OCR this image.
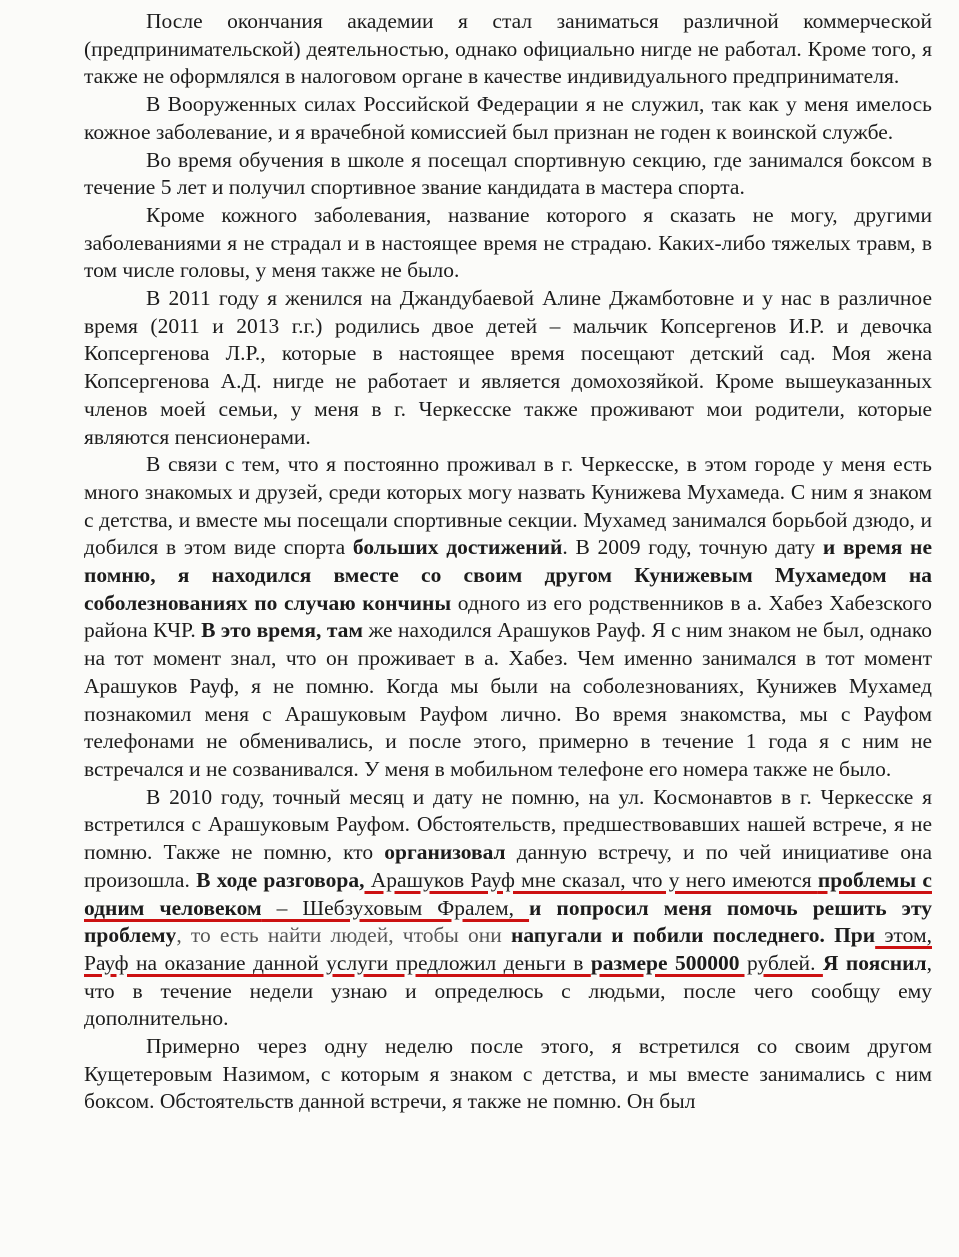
После окончания академии я стал заниматься различной коммерческой (предпринимательской) деятельностью, однако официально нигде не работал. Кроме того, я также не оформлялся в налоговом органе в качестве индивидуального предпринимателя.

В Вооруженных силах Российской Федерации я не служил, так как у меня имелось кожное заболевание, и я врачебной комиссией был признан не годен к воинской службе.

Во время обучения в школе я посещал спортивную секцию, где занимался боксом в течение 5 лет и получил спортивное звание кандидата в мастера спорта.

Кроме кожного заболевания, название которого я сказать не могу, другими заболеваниями я не страдал и в настоящее время не страдаю. Каких-либо тяжелых травм, в том числе головы, у меня также не было.

В 2011 году я женился на Джандубаевой Алине Джамботовне и у нас в различное время (2011 и 2013 г.г.) родились двое детей – мальчик Копсергенов И.Р. и девочка Копсергенова Л.Р., которые в настоящее время посещают детский сад. Моя жена Копсергенова А.Д. нигде не работает и является домохозяйкой. Кроме вышеуказанных членов моей семьи, у меня в г. Черкесске также проживают мои родители, которые являются пенсионерами.

В связи с тем, что я постоянно проживал в г. Черкесске, в этом городе у меня есть много знакомых и друзей, среди которых могу назвать Кунижева Мухамеда. С ним я знаком с детства, и вместе мы посещали спортивные секции. Мухамед занимался борьбой дзюдо, и добился в этом виде спорта больших достижений. В 2009 году, точную дату и время не помню, я находился вместе со своим другом Кунижевым Мухамедом на соболезнованиях по случаю кончины одного из его родственников в а. Хабез Хабезского района КЧР. В это время, там же находился Арашуков Рауф. Я с ним знаком не был, однако на тот момент знал, что он проживает в а. Хабез. Чем именно занимался в тот момент Арашуков Рауф, я не помню. Когда мы были на соболезнованиях, Кунижев Мухамед познакомил меня с Арашуковым Рауфом лично. Во время знакомства, мы с Рауфом телефонами не обменивались, и после этого, примерно в течение 1 года я с ним не встречался и не созванивался. У меня в мобильном телефоне его номера также не было.

В 2010 году, точный месяц и дату не помню, на ул. Космонавтов в г. Черкесске я встретился с Арашуковым Рауфом. Обстоятельств, предшествовавших нашей встрече, я не помню. Также не помню, кто организовал данную встречу, и по чей инициативе она произошла. В ходе разговора, Арашуков Рауф мне сказал, что у него имеются проблемы с одним человеком – Шебзуховым Фралем, и попросил меня помочь решить эту проблему, то есть найти людей, чтобы они напугали и побили последнего. При этом, Рауф на оказание данной услуги предложил деньги в размере 500000 рублей. Я пояснил, что в течение недели узнаю и определюсь с людьми, после чего сообщу ему дополнительно.

Примерно через одну неделю после этого, я встретился со своим другом Кущетеровым Назимом, с которым я знаком с детства, и мы вместе занимались с ним боксом. Обстоятельств данной встречи, я также не помню. Он был
